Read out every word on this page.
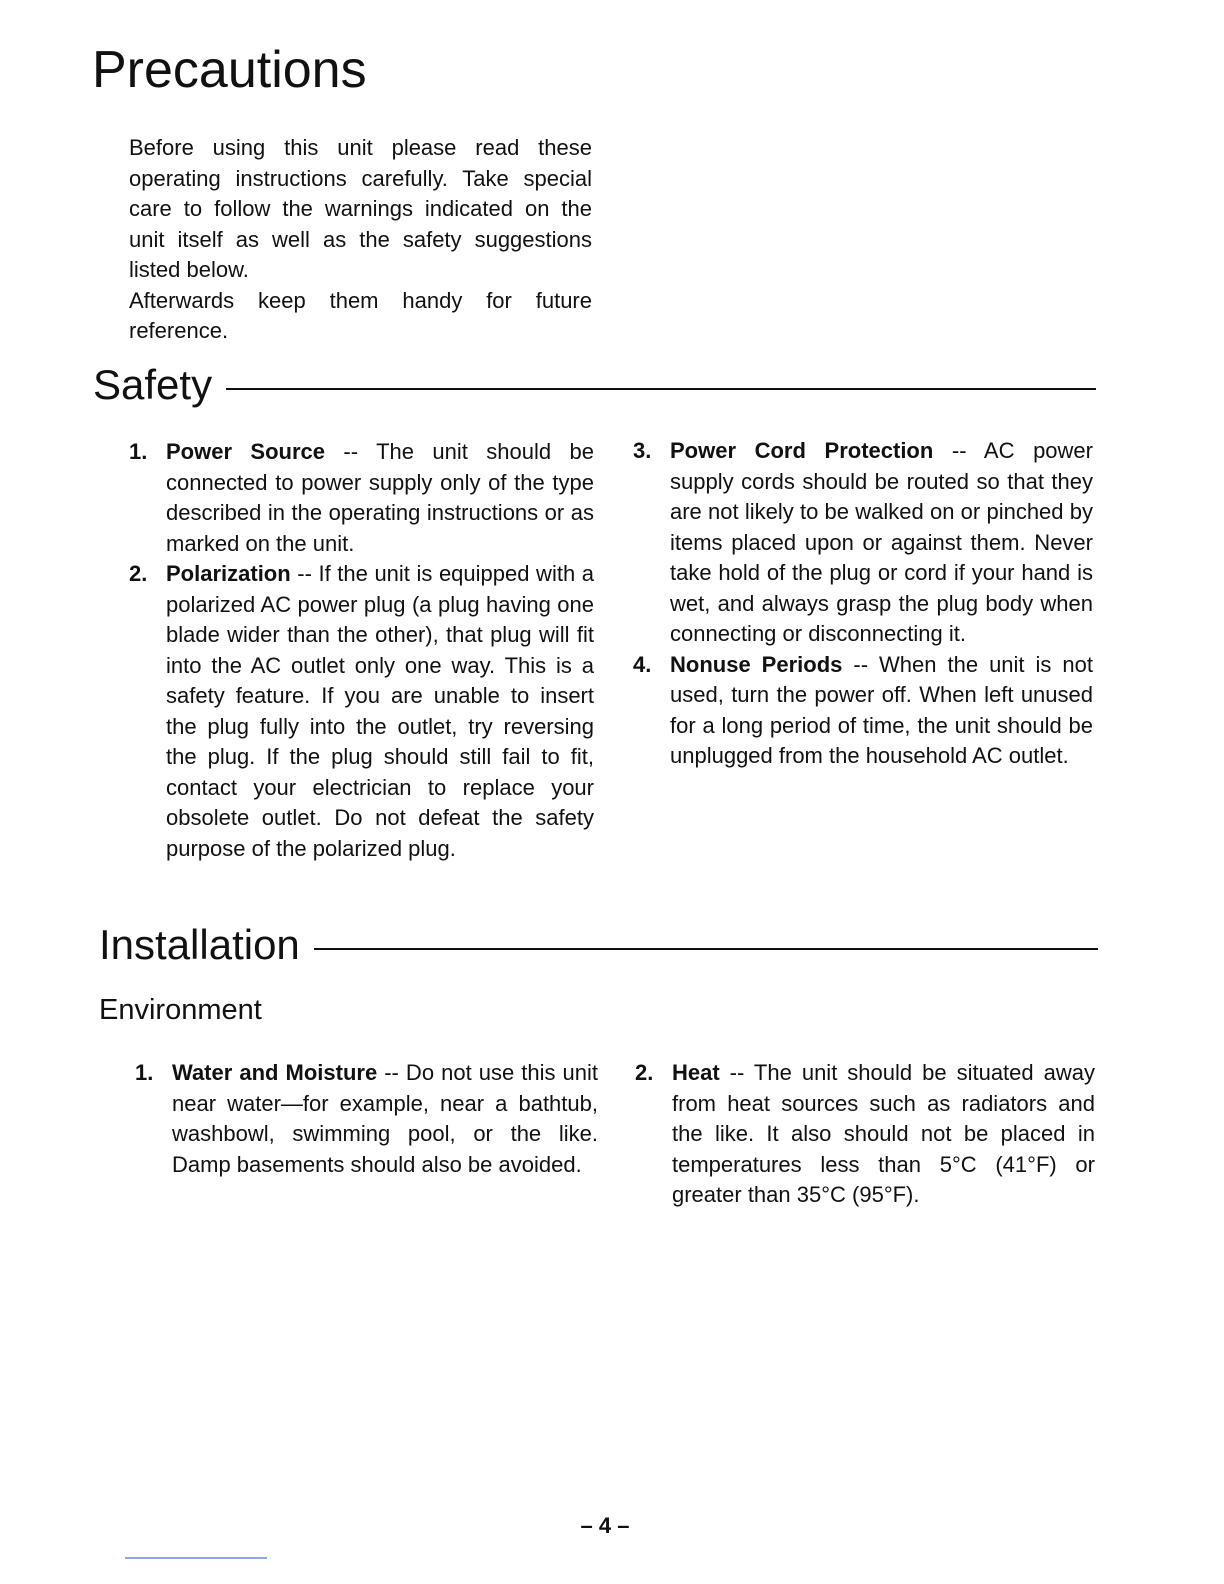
Precautions

Before using this unit please read these operating instructions carefully. Take special care to follow the warnings indicated on the unit itself as well as the safety suggestions listed below.

Afterwards keep them handy for future reference.

Safety
1. Power Source -- The unit should be connected to power supply only of the type described in the operating instructions or as marked on the unit.
2. Polarization -- If the unit is equipped with a polarized AC power plug (a plug having one blade wider than the other), that plug will fit into the AC outlet only one way. This is a safety feature. If you are unable to insert the plug fully into the outlet, try reversing the plug. If the plug should still fail to fit, contact your electrician to replace your obsolete outlet. Do not defeat the safety purpose of the polarized plug.
3. Power Cord Protection -- AC power supply cords should be routed so that they are not likely to be walked on or pinched by items placed upon or against them. Never take hold of the plug or cord if your hand is wet, and always grasp the plug body when connecting or disconnecting it.
4. Nonuse Periods -- When the unit is not used, turn the power off. When left unused for a long period of time, the unit should be unplugged from the household AC outlet.
Installation
Environment
1. Water and Moisture -- Do not use this unit near water—for example, near a bathtub, washbowl, swimming pool, or the like. Damp basements should also be avoided.
2. Heat -- The unit should be situated away from heat sources such as radiators and the like. It also should not be placed in temperatures less than 5°C (41°F) or greater than 35°C (95°F).
– 4 –
